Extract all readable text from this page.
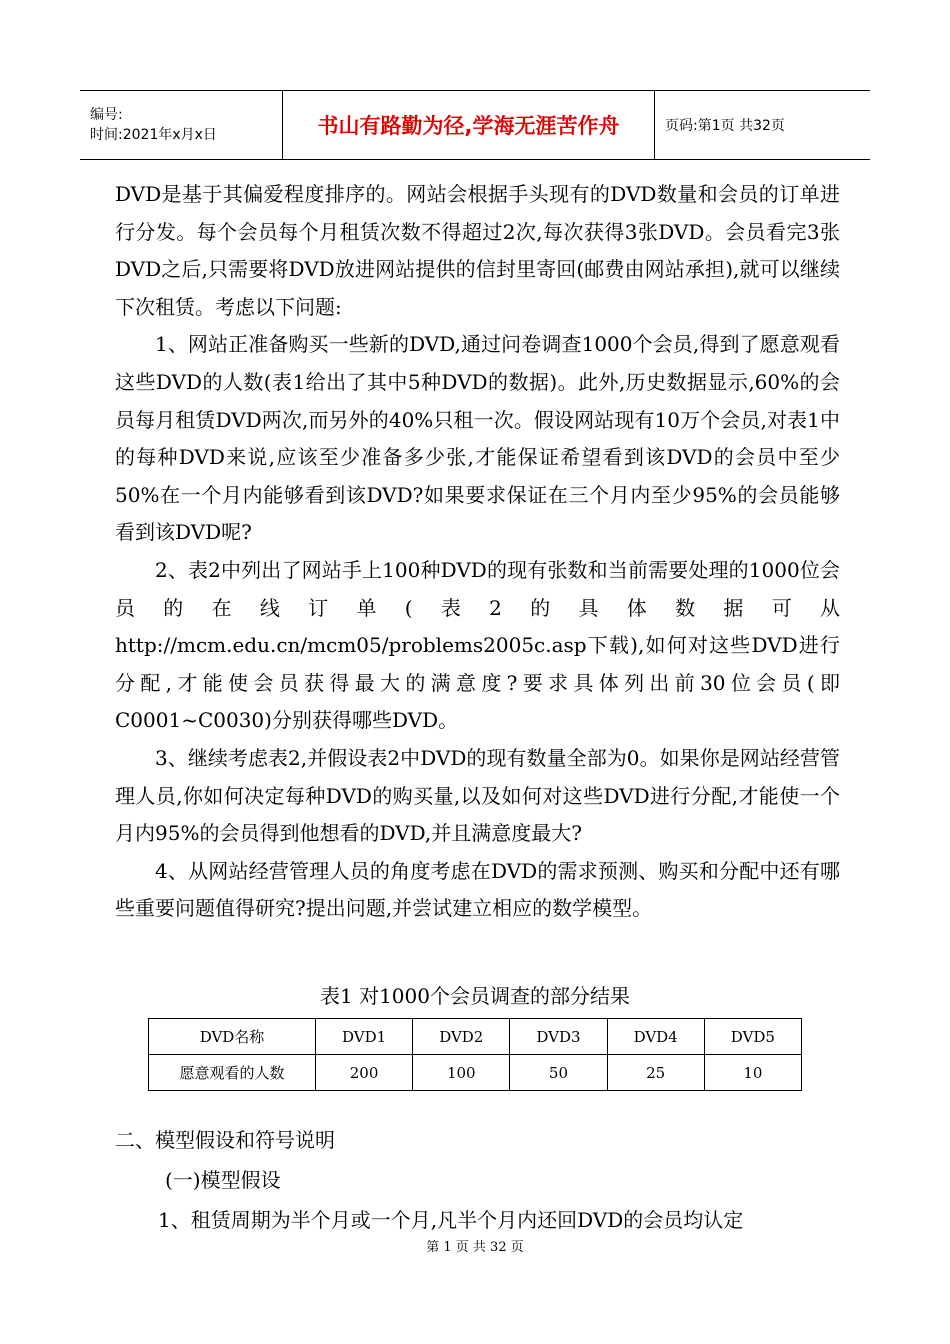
编号:
时间:2021年x月x日	书山有路勤为径,学海无涯苦作舟	页码:第1页 共32页

DVD是基于其偏爱程度排序的。网站会根据手头现有的DVD数量和会员的订单进行分发。每个会员每个月租赁次数不得超过2次,每次获得3张DVD。会员看完3张DVD之后,只需要将DVD放进网站提供的信封里寄回(邮费由网站承担),就可以继续下次租赁。考虑以下问题:

1、网站正准备购买一些新的DVD,通过问卷调查1000个会员,得到了愿意观看这些DVD的人数(表1给出了其中5种DVD的数据)。此外,历史数据显示,60%的会员每月租赁DVD两次,而另外的40%只租一次。假设网站现有10万个会员,对表1中的每种DVD来说,应该至少准备多少张,才能保证希望看到该DVD的会员中至少50%在一个月内能够看到该DVD?如果要求保证在三个月内至少95%的会员能够看到该DVD呢?

2、表2中列出了网站手上100种DVD的现有张数和当前需要处理的1000位会员的在线订单(表2的具体数据可从http://mcm.edu.cn/mcm05/problems2005c.asp下载),如何对这些DVD进行分配,才能使会员获得最大的满意度?要求具体列出前30位会员(即C0001~C0030)分别获得哪些DVD。

3、继续考虑表2,并假设表2中DVD的现有数量全部为0。如果你是网站经营管理人员,你如何决定每种DVD的购买量,以及如何对这些DVD进行分配,才能使一个月内95%的会员得到他想看的DVD,并且满意度最大?

4、从网站经营管理人员的角度考虑在DVD的需求预测、购买和分配中还有哪些重要问题值得研究?提出问题,并尝试建立相应的数学模型。

表1 对1000个会员调查的部分结果
DVD名称	DVD1	DVD2	DVD3	DVD4	DVD5
愿意观看的人数	200	100	50	25	10
二、模型假设和符号说明
(一)模型假设
1、租赁周期为半个月或一个月,凡半个月内还回DVD的会员均认定
第 1 页 共 32 页
